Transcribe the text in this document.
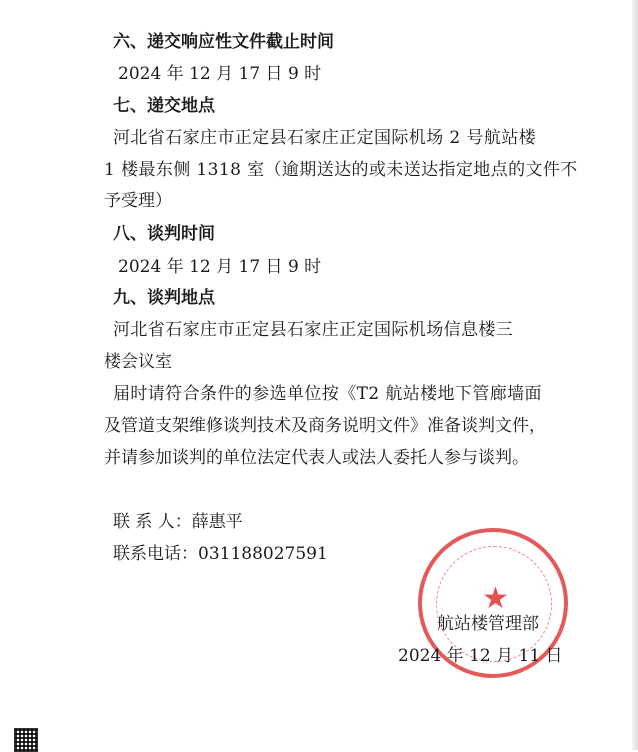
六、递交响应性文件截止时间
2024 年 12 月 17 日 9 时
七、递交地点
河北省石家庄市正定县石家庄正定国际机场 2 号航站楼
1 楼最东侧 1318 室（逾期送达的或未送达指定地点的文件不
予受理）
八、谈判时间
2024 年 12 月 17 日 9 时
九、谈判地点
河北省石家庄市正定县石家庄正定国际机场信息楼三
楼会议室
届时请符合条件的参选单位按《T2 航站楼地下管廊墙面
及管道支架维修谈判技术及商务说明文件》准备谈判文件，
并请参加谈判的单位法定代表人或法人委托人参与谈判。
联 系 人：薛惠平
联系电话：031188027591
★
航站楼管理部
2024 年 12 月 11 日
